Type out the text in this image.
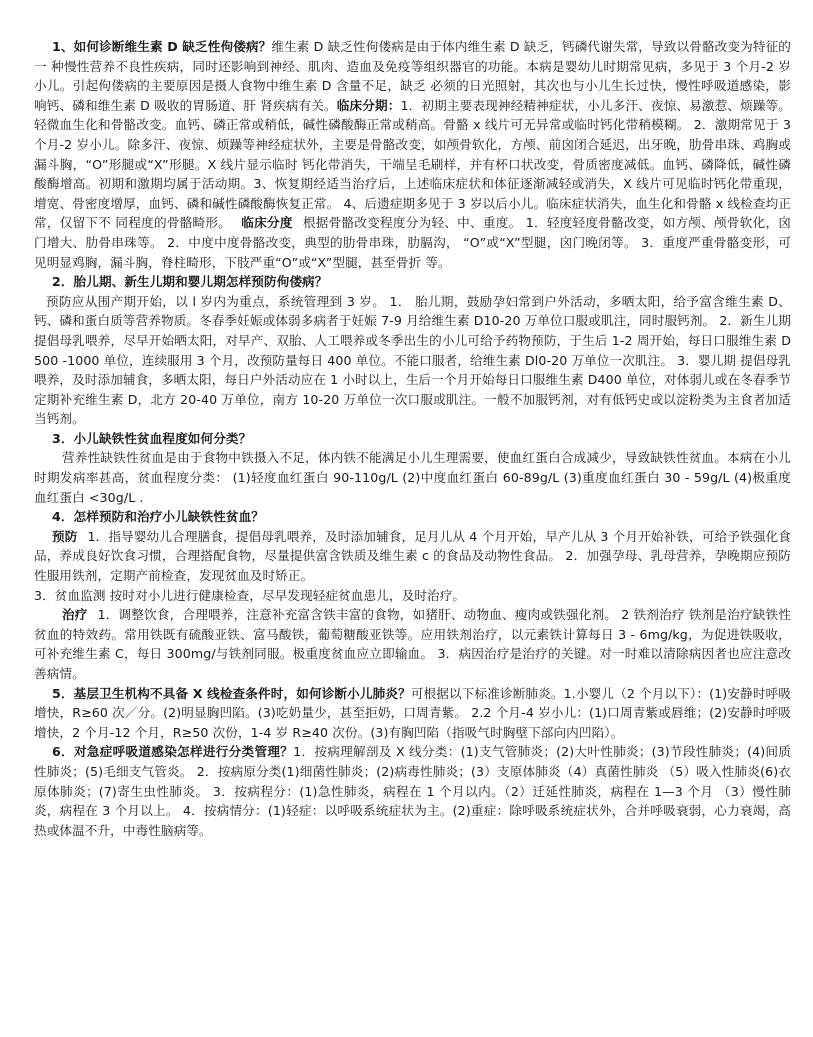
1、如何诊断维生素 D 缺乏性佝偻病？维生素 D 缺乏性佝偻病是由于体内维生素 D 缺乏，钙磷代谢失常，导致以骨骼改变为特征的一 种慢性营养不良性疾病，同时还影响到神经、肌肉、造血及免疫等组织器官的功能。本病是婴幼儿时期常见病，多见于 3 个月-2 岁小儿。引起佝偻病的主要原因是摄人食物中维生素 D 含量不足，缺乏 必须的日光照射，其次也与小儿生长过快，慢性呼吸道感染，影响钙、磷和维生素 D 吸收的胃肠道、肝 肾疾病有关。临床分期：1．初期主要表现神经精神症状，小儿多汗、夜惊、易激惹、烦躁等。轻微血生化和骨骼改变。血钙、磷正常或稍低，碱性磷酸酶正常或稍高。骨骼 x 线片可无异常或临时钙化带稍模糊。 2．激期常见于 3 个月-2 岁小儿。除多汗、夜惊、烦躁等神经症状外，主要是骨骼改变，如颅骨软化，方颅、前囟闭合延迟，出牙晚，肋骨串珠、鸡胸或漏斗胸，“O”形腿或“X”形腿。X 线片显示临时 钙化带消失，干端呈毛刷样，并有杯口状改变，骨质密度减低。血钙、磷降低，碱性磷酸酶增高。初期和激期均属于活动期。3、恢复期经适当治疗后，上述临床症状和体征逐渐减轻或消失，X 线片可见临时钙化带重现， 增宽、骨密度增厚，血钙、磷和碱性磷酸酶恢复正常。 4、后遗症期多见于 3 岁以后小儿。临床症状消失，血生化和骨骼 x 线检查均正常，仅留下不 同程度的骨骼畸形。 临床分度 根据骨骼改变程度分为轻、中、重度。 1．轻度轻度骨骼改变，如方颅、颅骨软化，囟门增大、肋骨串珠等。 2．中度中度骨骼改变，典型的肋骨串珠，肋膈沟， “O”或“X”型腿，囟门晚闭等。 3．重度严重骨骼变形，可见明显鸡胸，漏斗胸，脊柱畸形，下肢严重“O”或“X”型腿，甚至骨折 等。

2．胎儿期、新生儿期和婴儿期怎样预防佝偻病？

预防应从围产期开始，以 l 岁内为重点，系统管理到 3 岁。 1． 胎儿期，鼓励孕妇常到户外活动，多晒太阳，给予富含维生素 D、钙、磷和蛋白质等营养物质。冬春季妊娠或体弱多病者于妊娠 7-9 月给维生素 D10-20 万单位口服或肌注，同时服钙剂。 2．新生儿期 提倡母乳喂养，尽早开始晒太阳，对早产、双胎、人工喂养或冬季出生的小儿可给予药物预防，于生后 1-2 周开始，每日口服维生素 D500 -1000 单位，连续服用 3 个月，改预防量每日 400 单位。不能口服者，给维生素 Dl0-20 万单位一次肌注。 3．婴儿期 提倡母乳喂养，及时添加辅食，多晒太阳，每日户外活动应在 1 小时以上，生后一个月开始每日口服维生素 D400 单位，对体弱儿或在冬春季节定期补充维生素 D，北方 20-40 万单位，南方 10-20 万单位一次口服或肌注。一般不加服钙剂，对有低钙史或以淀粉类为主食者加适当钙剂。

3．小儿缺铁性贫血程度如何分类？

营养性缺铁性贫血是由于食物中铁摄入不足，体内铁不能满足小儿生理需要，使血红蛋白合成减少，导致缺铁性贫血。本病在小儿时期发病率甚高，贫血程度分类： (1)轻度血红蛋白 90-110g/L (2)中度血红蛋白 60-89g/L (3)重度血红蛋白 30 - 59g/L (4)极重度血红蛋白 <30g/L .

4．怎样预防和治疗小儿缺铁性贫血？

预防 1．指导婴幼儿合理膳食，提倡母乳喂养，及时添加辅食，足月儿从 4 个月开始，早产儿从 3 个月开始补铁，可给予铁强化食品，养成良好饮食习惯，合理搭配食物，尽量提供富含铁质及维生素 c 的食品及动物性食品。 2．加强孕母、乳母营养，孕晚期应预防性服用铁剂，定期产前检查，发现贫血及时矫正。

3．贫血监测 按时对小儿进行健康检查，尽早发现轻症贫血患儿，及时治疗。

治疗 1．调整饮食，合理喂养，注意补充富含铁丰富的食物，如猪肝、动物血、瘦肉或铁强化剂。 2 铁剂治疗 铁剂是治疗缺铁性贫血的特效药。常用铁既有硫酸亚铁、富马酸铁，葡萄糖酸亚铁等。应用铁剂治疗，以元素铁计算每日 3 - 6mg/kg，为促进铁吸收，可补充维生素 C，每日 300mg/与铁剂同服。极重度贫血应立即输血。 3．病因治疗是治疗的关键。对一时难以清除病因者也应注意改善病情。

5．基层卫生机构不具备 X 线检查条件时，如何诊断小儿肺炎？可根据以下标准诊断肺炎。1.小婴儿（2 个月以下）：(1)安静时呼吸增快，R≥60 次／分。(2)明显胸凹陷。(3)吃奶量少，甚至拒奶，口周青紫。 2.2 个月-4 岁小儿：(1)口周青紫或唇维；(2)安静时呼吸增快，2 个月-12 个月，R≥50 次份，1-4 岁 R≥40 次份。(3)有胸凹陷（指吸气时胸壁下部向内凹陷）。

6．对急症呼吸道感染怎样进行分类管理？1．按病理解剖及 X 线分类：(1)支气管肺炎；(2)大叶性肺炎；(3)节段性肺炎；(4)间质性肺炎；(5)毛细支气管炎。 2．按病原分类(1)细菌性肺炎；(2)病毒性肺炎；(3）支原体肺炎（4）真菌性肺炎 （5）吸入性肺炎(6)衣原体肺炎；(7)寄生虫性肺炎。 3．按病程分：(1)急性肺炎，病程在 1 个月以内。（2）迁延性肺炎，病程在 1—3 个月 （3）慢性肺炎，病程在 3 个月以上。 4．按病情分：(1)轻症：以呼吸系统症状为主。(2)重症：除呼吸系统症状外，合并呼吸衰弱，心力衰竭，高热或体温不升，中毒性脑病等。
